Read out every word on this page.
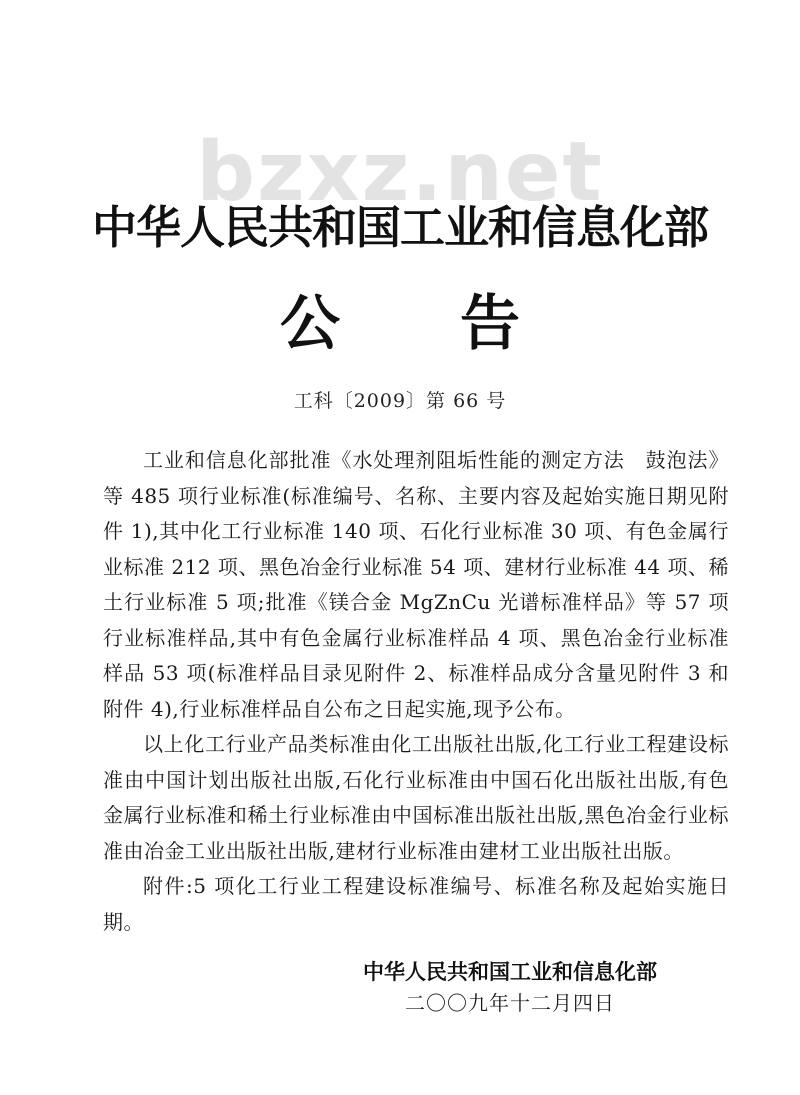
bzxz.net
中华人民共和国工业和信息化部
公告
工科〔2009〕第 66 号

工业和信息化部批准《水处理剂阻垢性能的测定方法　鼓泡法》等 485 项行业标准(标准编号、名称、主要内容及起始实施日期见附件 1),其中化工行业标准 140 项、石化行业标准 30 项、有色金属行业标准 212 项、黑色冶金行业标准 54 项、建材行业标准 44 项、稀土行业标准 5 项;批准《镁合金 MgZnCu 光谱标准样品》等 57 项行业标准样品,其中有色金属行业标准样品 4 项、黑色冶金行业标准样品 53 项(标准样品目录见附件 2、标准样品成分含量见附件 3 和附件 4),行业标准样品自公布之日起实施,现予公布。

以上化工行业产品类标准由化工出版社出版,化工行业工程建设标准由中国计划出版社出版,石化行业标准由中国石化出版社出版,有色金属行业标准和稀土行业标准由中国标准出版社出版,黑色冶金行业标准由冶金工业出版社出版,建材行业标准由建材工业出版社出版。

附件:5 项化工行业工程建设标准编号、标准名称及起始实施日期。

中华人民共和国工业和信息化部
二〇〇九年十二月四日
